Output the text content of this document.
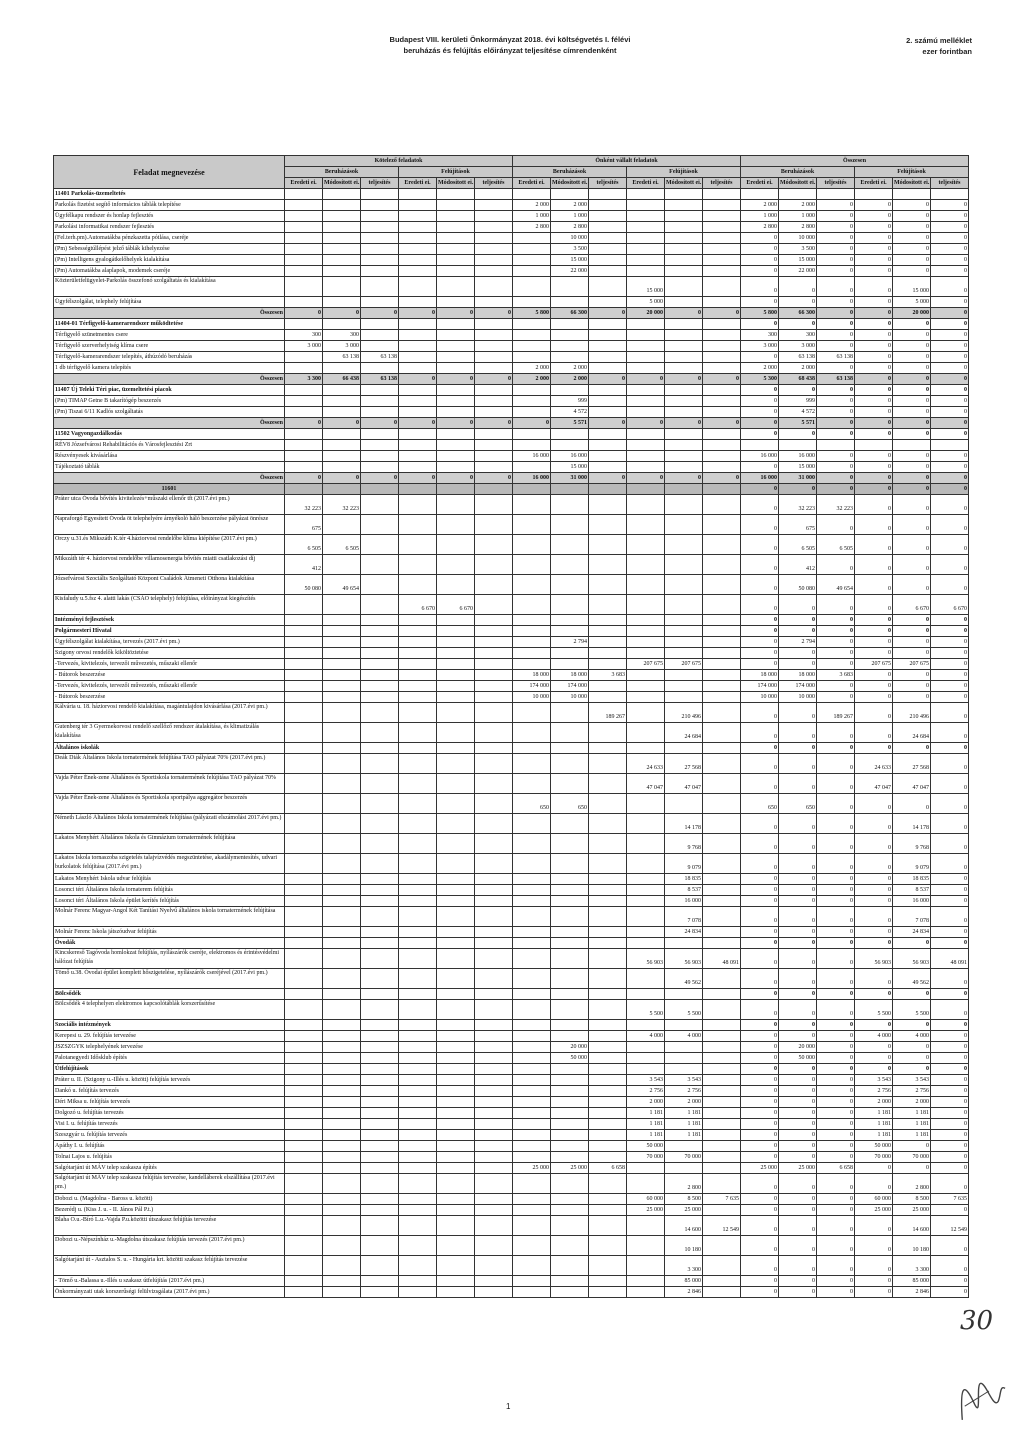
Budapest VIII. kerületi Önkormányzat 2018. évi költségvetés I. félévi
beruházás és felújítás előirányzat teljesítése címrendenként
2. számú melléklet
ezer forintban
Feladat megnevezése	Kötelező feladatok						Önként vállalt feladatok						Összesen					
	Beruházások			Felújítások			Beruházások			Felújítások			Beruházások			Felújítások		
	Eredeti ei.	Módosított ei.	teljesítés	Eredeti ei.	Módosított ei.	teljesítés	Eredeti ei.	Módosított ei.	teljesítés	Eredeti ei.	Módosított ei.	teljesítés	Eredeti ei.	Módosított ei.	teljesítés	Eredeti ei.	Módosított ei.	teljesítés
11401 Parkolás-üzemeltetés																		
Parkolás fizetést segítő informácios táblák telepítése							2 000	2 000					2 000	2 000	0	0	0	0
Ügyfélkapu rendszer és honlap fejlesztés							1 000	1 000					1 000	1 000	0	0	0	0
Parkolási informatikai rendszer fejlesztés							2 800	2 800					2 800	2 800	0	0	0	0
(Fel.terh.pm).Automatákba pénzkazetta pótlása, cseréje								10 000					0	10 000	0	0	0	0
(Pm) Sebességtúllépést jelző táblák kihelyezése								3 500					0	3 500	0	0	0	0
(Pm) Intelligens gyalogátkelőhelyek kialakítása								15 000					0	15 000	0	0	0	0
(Pm) Automatákba alaplapok, modemek cseréje								22 000					0	22 000	0	0	0	0
Közterületfelügyelet-Parkolás összefonó szolgáltatás és kialakítása										15 000			0	0	0	0	15 000	0
Ügyfélszolgálat, telephely felújítása										5 000			0	0	0	0	5 000	0
Összesen	0	0	0	0	0	0	5 800	66 300	0	20 000	0	0	5 800	66 300	0	0	20 000	0
11404-01 Térfigyelő-kamerarendszer működtetése													0	0	0	0	0	0
Térfigyelő szünetmentes csere	300	300											300	300	0	0	0	0
Térfigyelő szerverhelyiség klíma csere	3 000	3 000											3 000	3 000	0	0	0	0
Térfigyelő-kamerarendszer telepítés, áthúzódó beruházás		63 138	63 138										0	63 138	63 138	0	0	0
1 db térfigyelő kamera telepítés							2 000	2 000					2 000	2 000	0	0	0	0
Összesen	3 300	66 438	63 138	0	0	0	2 000	2 000	0	0	0	0	5 300	68 438	63 138	0	0	0
11407 Új Teleki Téri piac, üzemeltetési piacok													0	0	0	0	0	0
(Pm) TIMAP Getne B takarítógép beszerzés								999					0	999	0	0	0	0
(Pm) Tiszai 6/11 Kadlós szolgáltatás								4 572					0	4 572	0	0	0	0
Összesen	0	0	0	0	0	0	0	5 571	0	0	0	0	0	5 571	0	0	0	0
11502 Vagyongazdálkodás													0	0	0	0	0	0
RÉV8 Józsefvárosi Rehabilitációs és Városfejlesztési Zrt																		
Részvényesek kivásárlása							16 000	16 000					16 000	16 000	0	0	0	0
Tájékoztató táblák								15 000					0	15 000	0	0	0	0
Összesen	0	0	0	0	0	0	16 000	31 000	0	0	0	0	16 000	31 000	0	0	0	0
11601													0	0	0	0	0	0
Práter utca Óvoda bővítés kivitelezés+műszaki ellenőr tft (2017.évi pm.)	32 223	32 223											0	32 223	32 223	0	0	0
Napraforgó Egyesített Óvoda öt telephelyére árnyékoló háló beszerzése pályázat önrésze	675												0	675	0	0	0	0
Orczy u.31.és Mikszáth K.tér 4.háziorvosi rendelőbe klíma kiépítése (2017.évi pm.)	6 505	6 505											0	6 505	6 505	0	0	0
Mikszáth tér 4. háziorvosi rendelőbe villamosenergia bővítés miatti csatlakozási díj	412												0	412	0	0	0	0
Józsefvárosi Szociális Szolgáltató Központ Családok Átmeneti Otthona kialakítása	50 080	49 654											0	50 080	49 654	0	0	0
Kisfaludy u.5.fsz 4. alatti lakás (CSÁO telephely) felújítása, előirányzat kiegészítés				6 670	6 670								0	0	0	0	6 670	6 670
Intézményi fejlesztések													0	0	0	0	0	0
Polgármesteri Hivatal													0	0	0	0	0	0
Ügyfélszolgálat kialakítása, tervezés (2017.évi pm.)								2 794					0	2 794	0	0	0	0
Szigony orvosi rendelők kiköltöztetése													0	0	0	0	0	0
-Tervezés, kivitelezés, tervezői művezetés, műszaki ellenőr										207 675	207 675		0	0	0	207 675	207 675	0
- Bútorok beszerzése							18 000	18 000	3 683				18 000	18 000	3 683	0	0	0
-Tervezés, kivitelezés, tervezői művezetés, műszaki ellenőr							174 000	174 000					174 000	174 000	0	0	0	0
- Bútorok beszerzése							10 000	10 000					10 000	10 000	0	0	0	0
Kálvária u. 18. háziorvosi rendelő kialakítása, magántulajdon kivásárlása (2017.évi pm.)									189 267		210 496		0	0	189 267	0	210 496	0
Gutenberg tér 3 Gyermekorvosi rendelő szellőző rendszer átalakítása, és klimatizálás kialakítása											24 684		0	0	0	0	24 684	0
Általános iskolák													0	0	0	0	0	0
Deák Diák Általános Iskola tornatermének felújítása TAO pályázat 70% (2017.évi pm.)										24 633	27 568		0	0	0	24 633	27 568	0
Vajda Péter Ének-zene Általános és Sportiskola tornatermének felújítása TAO pályázat 70%										47 047	47 047		0	0	0	47 047	47 047	0
Vajda Péter Ének-zene Általános és Sportiskola sportpálya aggregátor beszerzés							650	650					650	650	0	0	0	0
Németh László Általános Iskola tornatermének felújítása (pályázati elszámolási 2017.évi pm.)											14 178		0	0	0	0	14 178	0
Lakatos Menyhért Általános Iskola és Gimnázium tornatermének felújítása											9 768		0	0	0	0	9 768	0
Lakatos Iskola tornaszoba szigetelés talajvízvédés megszüntetése, akadálymentesítés, udvari burkolatok felújítása (2017.évi pm.)											9 079		0	0	0	0	9 079	0
Lakatos Menyhért Iskola udvar felújítás											18 835		0	0	0	0	18 835	0
Losonci téri Általános Iskola tornaterem felújítás											8 537		0	0	0	0	8 537	0
Losonci téri Általános Iskola épület kerítés felújítás											16 000		0	0	0	0	16 000	0
Molnár Ferenc Magyar-Angol Két Tanítási Nyelvű általános iskola tornatermének felújítása											7 078		0	0	0	0	7 078	0
Molnár Ferenc Iskola játszóudvar felújítás											24 834		0	0	0	0	24 834	0
Óvodák													0	0	0	0	0	0
Kincskereső Tagóvoda homlokzat felújítás, nyílászárók cseréje, elektromos és érintésvédelmi hálózat felújítás										56 903	56 903	48 091	0	0	0	56 903	56 903	48 091
Tömő u.38. Óvodai épület komplett hőszigetelése, nyílászárók cseréjével (2017.évi pm.)											49 562		0	0	0	0	49 562	0
Bölcsődék													0	0	0	0	0	0
Bölcsődék 4 telephelyen elektromos kapcsolótáblák korszerűsítése										5 500	5 500		0	0	0	5 500	5 500	0
Szociális intézmények													0	0	0	0	0	0
Kerepesi u. 29. felújítás tervezése										4 000	4 000		0	0	0	4 000	4 000	0
JSZSZGYK telephelyének tervezése								20 000					0	20 000	0	0	0	0
Palotanegyedi Idősklub építés								50 000					0	50 000	0	0	0	0
Útfelújítások													0	0	0	0	0	0
Práter u. II. (Szigony u.-Illés u. között) felújítás tervezés										3 543	3 543		0	0	0	3 543	3 543	0
Dankó u. felújítás tervezés										2 756	2 756		0	0	0	2 756	2 756	0
Déri Miksa u. felújítás tervezés										2 000	2 000		0	0	0	2 000	2 000	0
Dolgozó u. felújítás tervezés										1 181	1 181		0	0	0	1 181	1 181	0
Visi I. u. felújítás tervezés										1 181	1 181		0	0	0	1 181	1 181	0
Szeszgyár u. felújítás tervezés										1 181	1 181		0	0	0	1 181	1 181	0
Apáthy I. u. felújítás										50 000			0	0	0	50 000	0	0
Tolnai Lajos u. felújítás										70 000	70 000		0	0	0	70 000	70 000	0
Salgótarjáni út MÁV telep szakasza építés							25 000	25 000	6 658				25 000	25 000	6 658	0	0	0
Salgótarjáni út MÁV telep szakasza felújítás tervezése, kandelláberek elszállítása (2017.évi pm.)											2 800		0	0	0	0	2 800	0
Dobozi u. (Magdolna - Baross u. között)										60 000	8 500	7 635	0	0	0	60 000	8 500	7 635
Bezerédj u. (Kiss J. u. - II. János Pál P.t.)										25 000	25 000		0	0	0	25 000	25 000	0
Blaha O.u.-Bíró L.u.-Vajda P.u.közötti útszakasz felújítás tervezése											14 600	12 549	0	0	0	0	14 600	12 549
Dobozi u.-Népszínház u.-Magdolna útszakasz felújítás tervezés (2017.évi pm.)											10 180		0	0	0	0	10 180	0
Salgótarjáni út - Asztalos S. u. - Hungária krt. közötti szakasz felújítás tervezése											3 300		0	0	0	0	3 300	0
- Tömő u.-Balassa u.-Illés u szakasz útfelújítás (2017.évi pm.)											85 000		0	0	0	0	85 000	0
Önkormányzati utak korszerűségi felülvizsgálata (2017.évi pm.)											2 846		0	0	0	0	2 846	0
1
30
